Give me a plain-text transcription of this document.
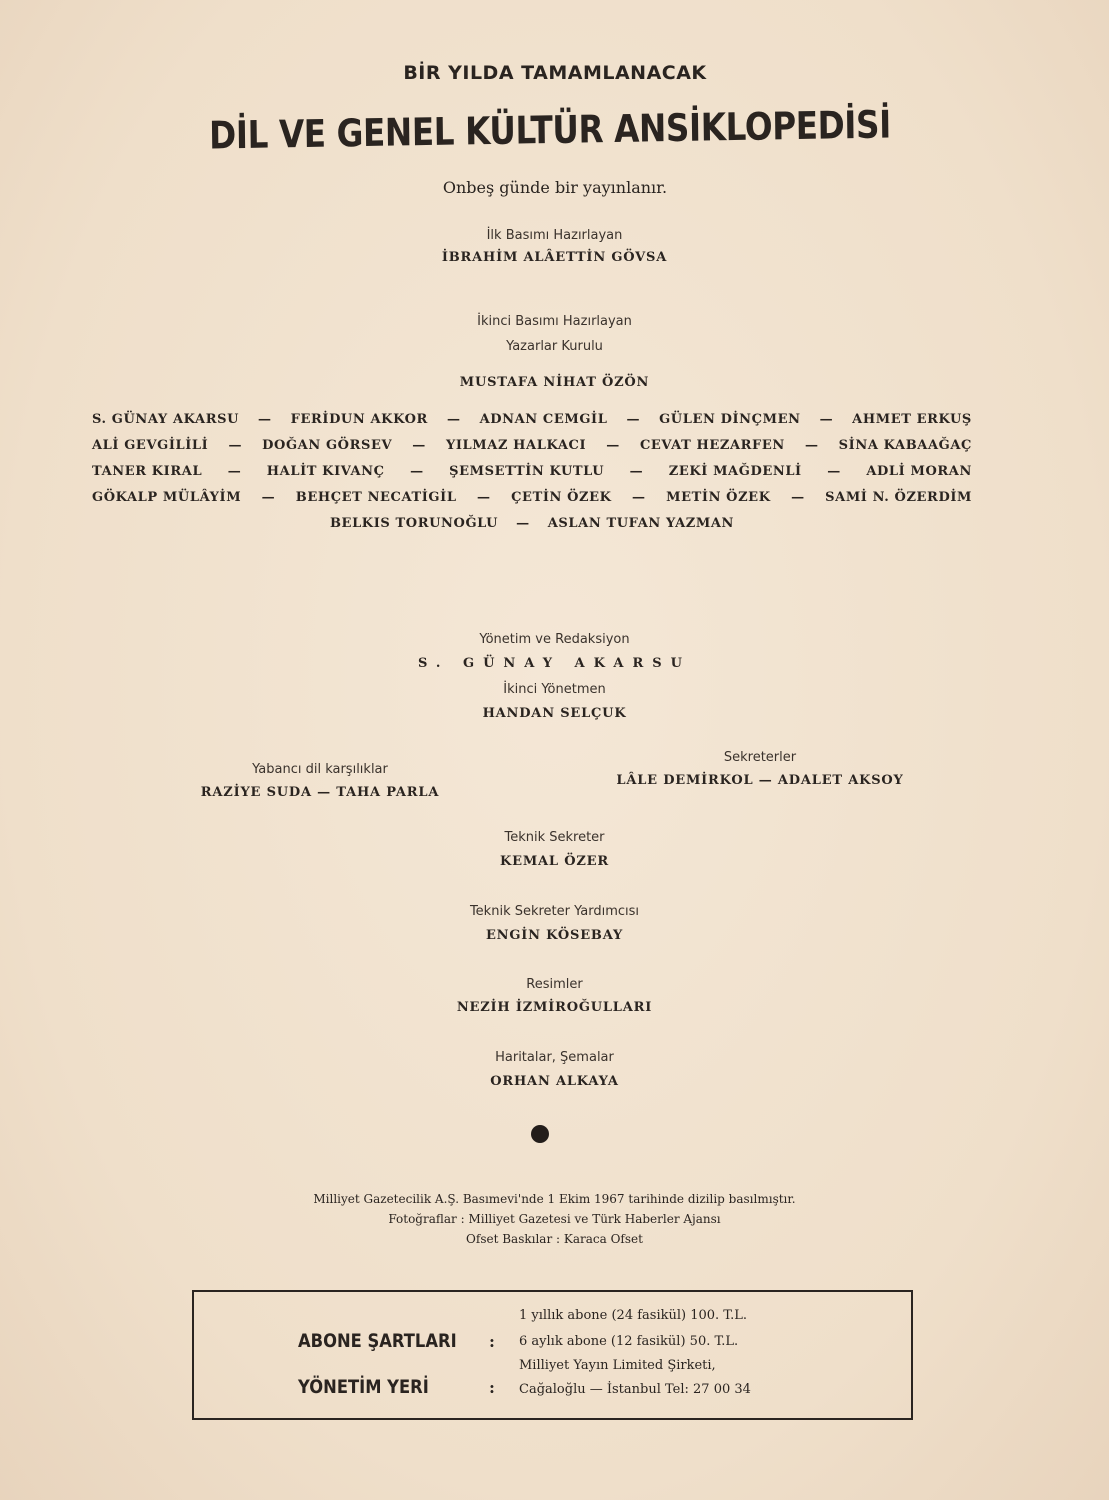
BİR YILDA TAMAMLANACAK
DİL VE GENEL KÜLTÜR ANSİKLOPEDİSİ
Onbeş günde bir yayınlanır.
İlk Basımı Hazırlayan
İBRAHİM ALÂETTİN GÖVSA
İkinci Basımı Hazırlayan
Yazarlar Kurulu
MUSTAFA NİHAT ÖZÖN
S. GÜNAY AKARSU — FERİDUN AKKOR — ADNAN CEMGİL — GÜLEN DİNÇMEN — AHMET ERKUŞ
ALİ GEVGİLİLİ — DOĞAN GÖRSEV — YILMAZ HALKACI — CEVAT HEZARFEN — SİNA KABAAĞAÇ
TANER KIRAL — HALİT KIVANÇ — ŞEMSETTİN KUTLU — ZEKİ MAĞDENLİ — ADLİ MORAN
GÖKALP MÜLÂYİM — BEHÇET NECATİGİL — ÇETİN ÖZEK — METİN ÖZEK — SAMİ N. ÖZERDİM
BELKIS TORUNOĞLU — ASLAN TUFAN YAZMAN
Yönetim ve Redaksiyon
S. GÜNAY AKARSU
İkinci Yönetmen
HANDAN SELÇUK
Yabancı dil karşılıklar
RAZİYE SUDA — TAHA PARLA
Sekreterler
LÂLE DEMİRKOL — ADALET AKSOY
Teknik Sekreter
KEMAL ÖZER
Teknik Sekreter Yardımcısı
ENGİN KÖSEBAY
Resimler
NEZİH İZMİROĞULLARI
Haritalar, Şemalar
ORHAN ALKAYA
Milliyet Gazetecilik A.Ş. Basımevi'nde 1 Ekim 1967 tarihinde dizilip basılmıştır.
Fotoğraflar : Milliyet Gazetesi ve Türk Haberler Ajansı
Ofset Baskılar : Karaca Ofset
ABONE ŞARTLARI
YÖNETİM YERİ
:
:
1 yıllık abone (24 fasikül) 100. T.L.
6 aylık abone (12 fasikül) 50. T.L.
Milliyet Yayın Limited Şirketi,
Cağaloğlu — İstanbul Tel: 27 00 34
